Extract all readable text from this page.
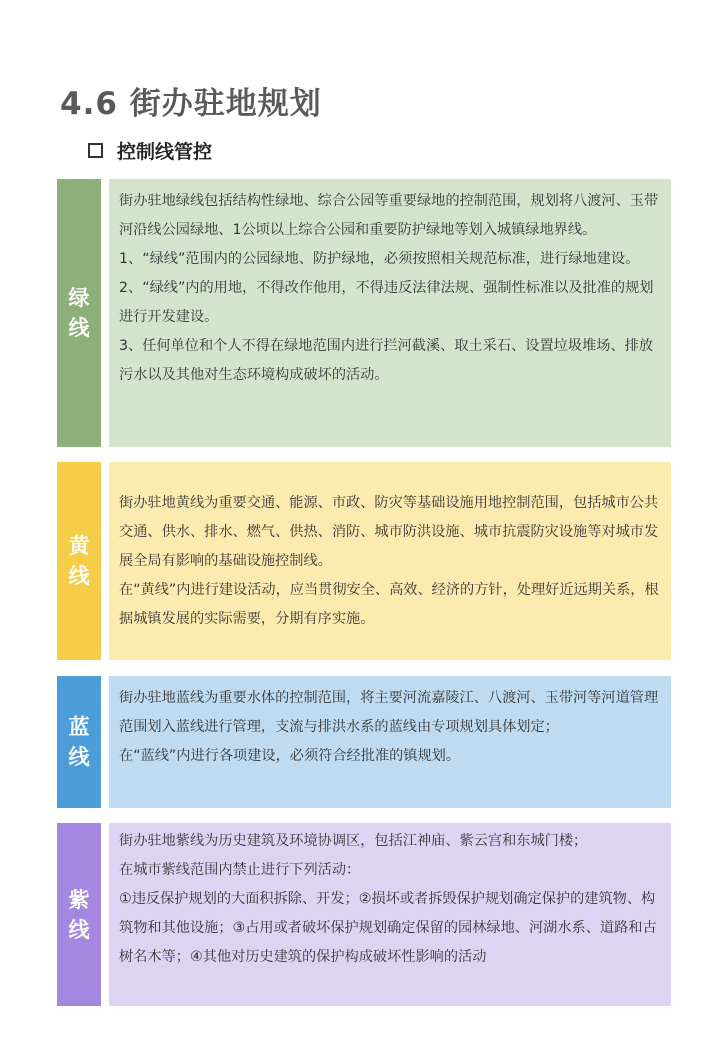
4.6 街办驻地规划
控制线管控
绿
线

街办驻地绿线包括结构性绿地、综合公园等重要绿地的控制范围，规划将八渡河、玉带河沿线公园绿地、1公顷以上综合公园和重要防护绿地等划入城镇绿地界线。

1、“绿线”范围内的公园绿地、防护绿地，必须按照相关规范标准，进行绿地建设。

2、“绿线”内的用地，不得改作他用，不得违反法律法规、强制性标准以及批准的规划进行开发建设。

3、任何单位和个人不得在绿地范围内进行拦河截溪、取土采石、设置垃圾堆场、排放污水以及其他对生态环境构成破坏的活动。

黄
线

街办驻地黄线为重要交通、能源、市政、防灾等基础设施用地控制范围，包括城市公共交通、供水、排水、燃气、供热、消防、城市防洪设施、城市抗震防灾设施等对城市发展全局有影响的基础设施控制线。

在“黄线”内进行建设活动，应当贯彻安全、高效、经济的方针，处理好近远期关系，根据城镇发展的实际需要，分期有序实施。

蓝
线

街办驻地蓝线为重要水体的控制范围，将主要河流嘉陵江、八渡河、玉带河等河道管理范围划入蓝线进行管理，支流与排洪水系的蓝线由专项规划具体划定；

在“蓝线”内进行各项建设，必须符合经批准的镇规划。

紫
线

街办驻地紫线为历史建筑及环境协调区，包括江神庙、紫云宫和东城门楼；

在城市紫线范围内禁止进行下列活动：

①违反保护规划的大面积拆除、开发；②损坏或者拆毁保护规划确定保护的建筑物、构筑物和其他设施；③占用或者破坏保护规划确定保留的园林绿地、河湖水系、道路和古树名木等；④其他对历史建筑的保护构成破坏性影响的活动
